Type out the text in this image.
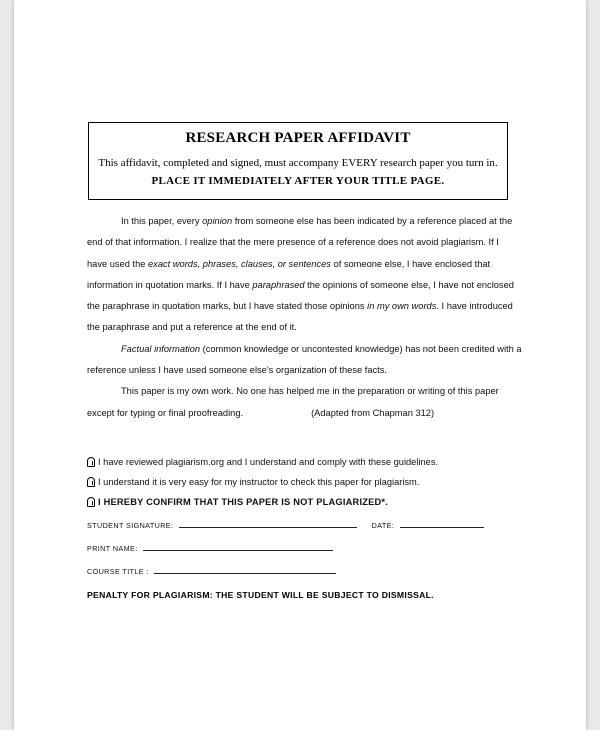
RESEARCH PAPER AFFIDAVIT
This affidavit, completed and signed, must accompany EVERY research paper you turn in.
PLACE IT IMMEDIATELY AFTER YOUR TITLE PAGE.

In this paper, every opinion from someone else has been indicated by a reference placed at the

end of that information. I realize that the mere presence of a reference does not avoid plagiarism. If I

have used the exact words, phrases, clauses, or sentences of someone else, I have enclosed that

information in quotation marks. If I have paraphrased the opinions of someone else, I have not enclosed

the paraphrase in quotation marks, but I have stated those opinions in my own words. I have introduced

the paraphrase and put a reference at the end of it.

Factual information (common knowledge or uncontested knowledge) has not been credited with a

reference unless I have used someone else's organization of these facts.

This paper is my own work. No one has helped me in the preparation or writing of this paper

except for typing or final proofreading.	(Adapted from Chapman 312)

I have reviewed plagiarism.org and I understand and comply with these guidelines.
I understand it is very easy for my instructor to check this paper for plagiarism.
I HEREBY CONFIRM THAT THIS PAPER IS NOT PLAGIARIZED*.
STUDENT SIGNATURE:	DATE:
PRINT NAME:
COURSE TITLE :
PENALTY FOR PLAGIARISM: THE STUDENT WILL BE SUBJECT TO DISMISSAL.
